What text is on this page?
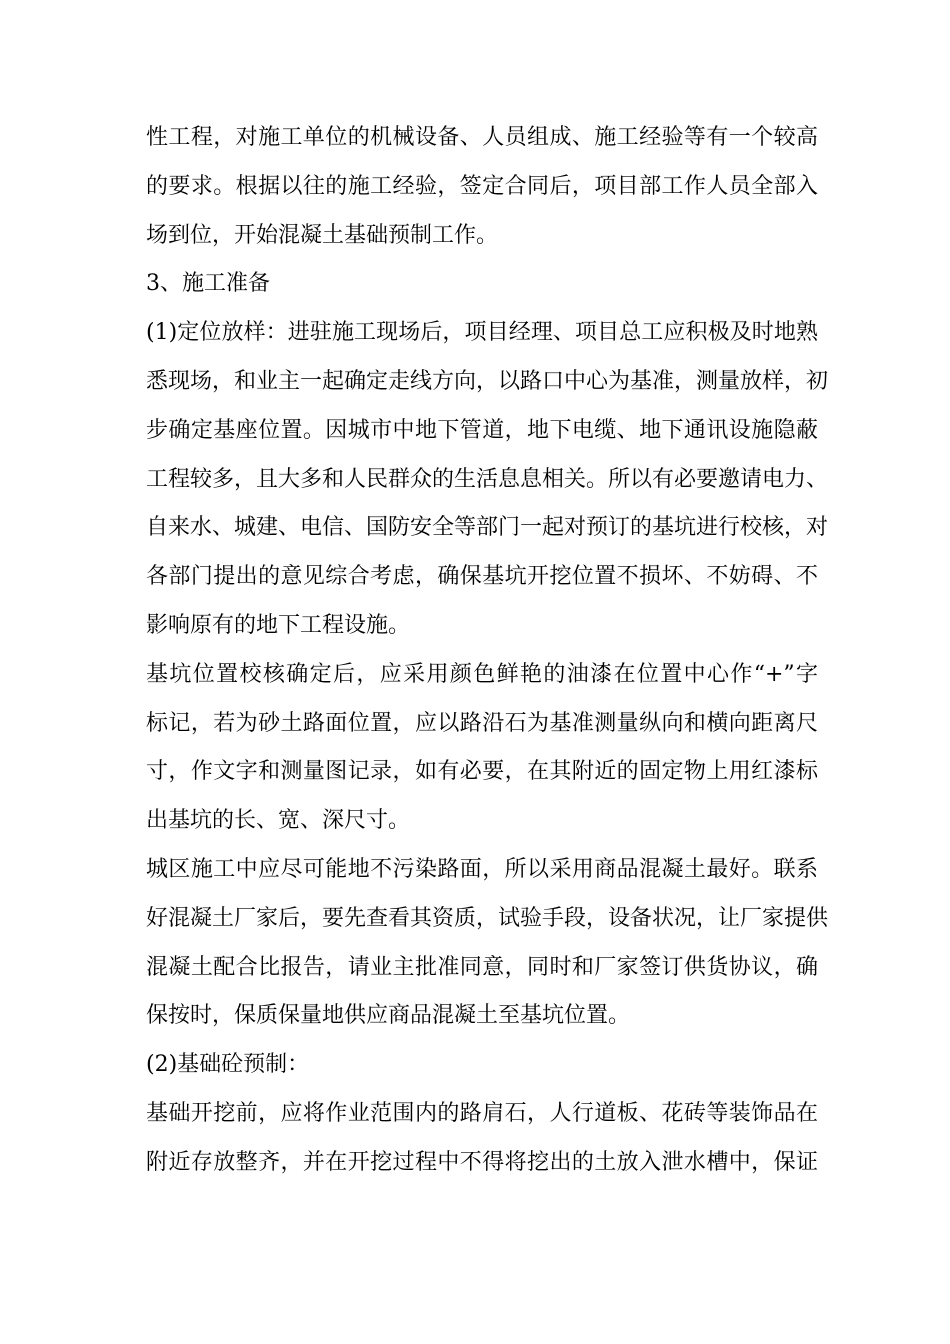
性工程，对施工单位的机械设备、人员组成、施工经验等有一个较高
的要求。根据以往的施工经验，签定合同后，项目部工作人员全部入
场到位，开始混凝土基础预制工作。
3、施工准备
(1)定位放样：进驻施工现场后，项目经理、项目总工应积极及时地熟
悉现场，和业主一起确定走线方向，以路口中心为基准，测量放样，初
步确定基座位置。因城市中地下管道，地下电缆、地下通讯设施隐蔽
工程较多，且大多和人民群众的生活息息相关。所以有必要邀请电力、
自来水、城建、电信、国防安全等部门一起对预订的基坑进行校核，对
各部门提出的意见综合考虑，确保基坑开挖位置不损坏、不妨碍、不
影响原有的地下工程设施。
基坑位置校核确定后，应采用颜色鲜艳的油漆在位置中心作“+”字
标记，若为砂土路面位置，应以路沿石为基准测量纵向和横向距离尺
寸，作文字和测量图记录，如有必要，在其附近的固定物上用红漆标
出基坑的长、宽、深尺寸。
城区施工中应尽可能地不污染路面，所以采用商品混凝土最好。联系
好混凝土厂家后，要先查看其资质，试验手段，设备状况，让厂家提供
混凝土配合比报告，请业主批准同意，同时和厂家签订供货协议，确
保按时，保质保量地供应商品混凝土至基坑位置。
(2)基础砼预制：
基础开挖前，应将作业范围内的路肩石，人行道板、花砖等装饰品在
附近存放整齐，并在开挖过程中不得将挖出的土放入泄水槽中，保证
